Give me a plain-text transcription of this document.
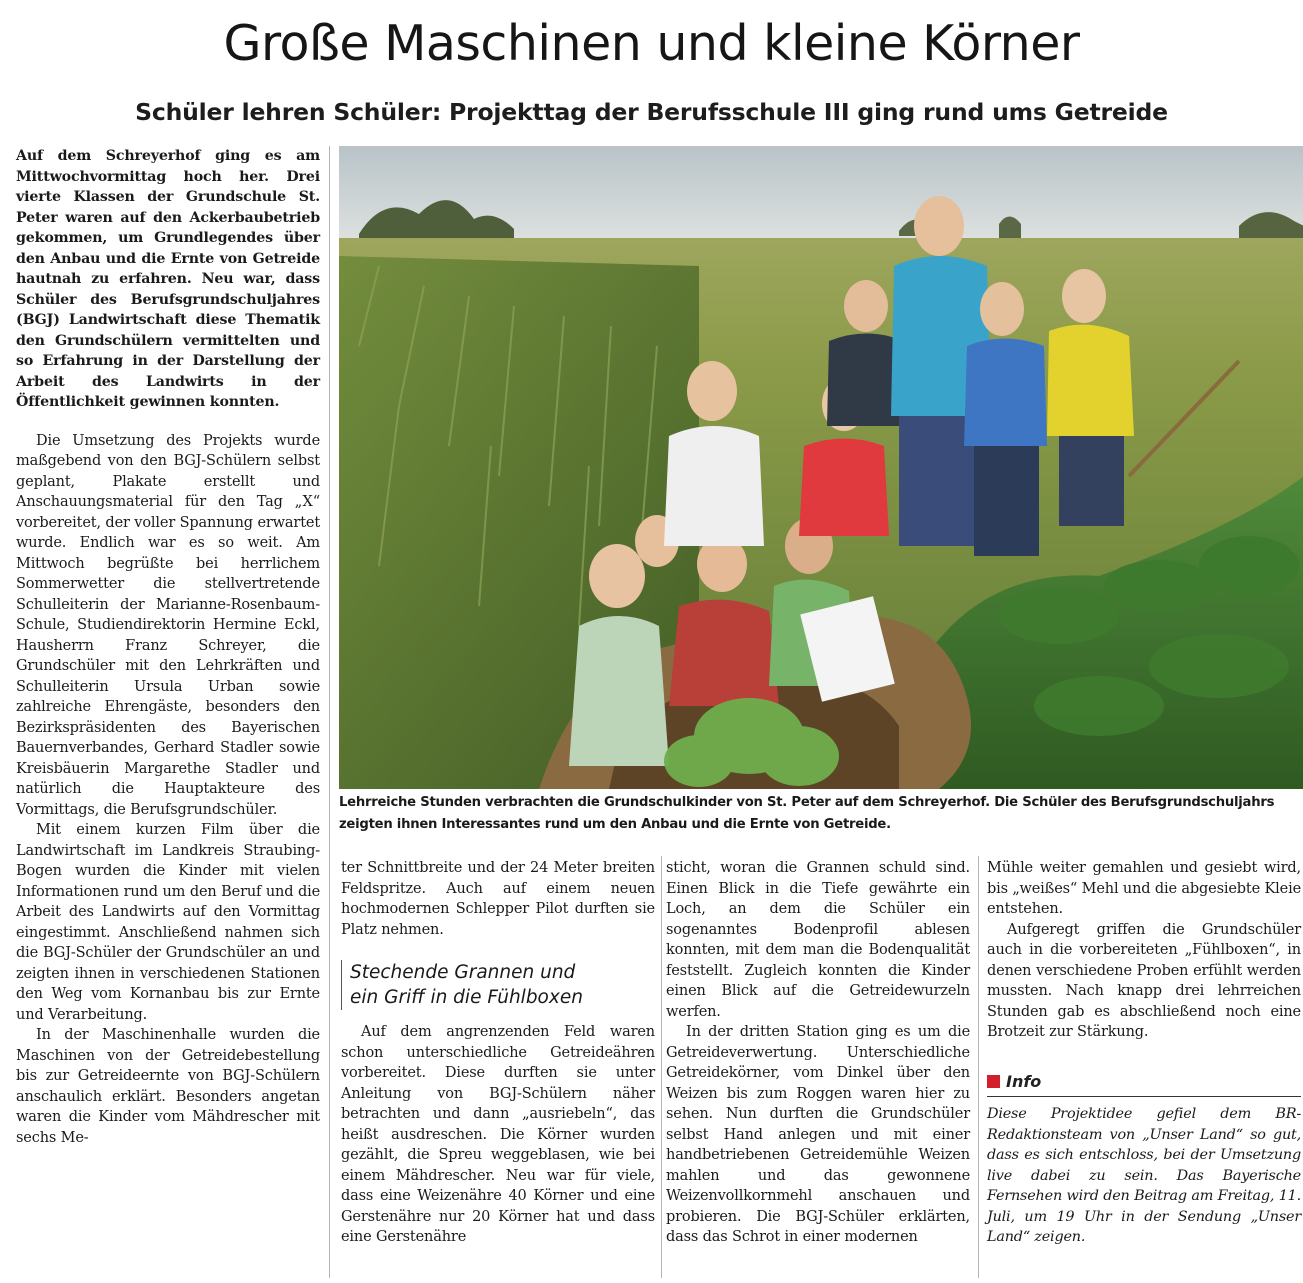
Große Maschinen und kleine Körner
Schüler lehren Schüler: Projekttag der Berufsschule III ging rund ums Getreide

Auf dem Schreyerhof ging es am Mittwochvormittag hoch her. Drei vierte Klassen der Grundschule St. Peter waren auf den Ackerbaubetrieb gekommen, um Grundlegendes über den Anbau und die Ernte von Getreide hautnah zu erfahren. Neu war, dass Schüler des Berufsgrundschuljahres (BGJ) Landwirtschaft diese Thematik den Grundschülern vermittelten und so Erfahrung in der Darstellung der Arbeit des Landwirts in der Öffentlichkeit gewinnen konnten.

Die Umsetzung des Projekts wurde maßgebend von den BGJ-Schülern selbst geplant, Plakate erstellt und Anschauungsmaterial für den Tag „X“ vorbereitet, der voller Spannung erwartet wurde. Endlich war es so weit. Am Mittwoch begrüßte bei herrlichem Sommerwetter die stellvertretende Schulleiterin der Marianne-Rosenbaum-Schule, Studiendirektorin Hermine Eckl, Hausherrn Franz Schreyer, die Grundschüler mit den Lehrkräften und Schulleiterin Ursula Urban sowie zahlreiche Ehrengäste, besonders den Bezirkspräsidenten des Bayerischen Bauernverbandes, Gerhard Stadler sowie Kreisbäuerin Margarethe Stadler und natürlich die Hauptakteure des Vormittags, die Berufsgrundschüler.

Mit einem kurzen Film über die Landwirtschaft im Landkreis Straubing-Bogen wurden die Kinder mit vielen Informationen rund um den Beruf und die Arbeit des Landwirts auf den Vormittag eingestimmt. Anschließend nahmen sich die BGJ-Schüler der Grundschüler an und zeigten ihnen in verschiedenen Stationen den Weg vom Kornanbau bis zur Ernte und Verarbeitung.

In der Maschinenhalle wurden die Maschinen von der Getreidebestellung bis zur Getreideernte von BGJ-Schülern anschaulich erklärt. Besonders angetan waren die Kinder vom Mähdrescher mit sechs Me-

Lehrreiche Stunden verbrachten die Grundschulkinder von St. Peter auf dem Schreyerhof. Die Schüler des Berufsgrundschuljahrs zeigten ihnen Interessantes rund um den Anbau und die Ernte von Getreide.

ter Schnittbreite und der 24 Meter breiten Feldspritze. Auch auf einem neuen hochmodernen Schlepper Pilot durften sie Platz nehmen.

Stechende Grannen und
ein Griff in die Fühlboxen

Auf dem angrenzenden Feld waren schon unterschiedliche Getreideähren vorbereitet. Diese durften sie unter Anleitung von BGJ-Schülern näher betrachten und dann „ausriebeln“, das heißt ausdreschen. Die Körner wurden gezählt, die Spreu weggeblasen, wie bei einem Mähdrescher. Neu war für viele, dass eine Weizenähre 40 Körner und eine Gerstenähre nur 20 Körner hat und dass eine Gerstenähre

sticht, woran die Grannen schuld sind. Einen Blick in die Tiefe gewährte ein Loch, an dem die Schüler ein sogenanntes Bodenprofil ablesen konnten, mit dem man die Bodenqualität feststellt. Zugleich konnten die Kinder einen Blick auf die Getreidewurzeln werfen.

In der dritten Station ging es um die Getreideverwertung. Unterschiedliche Getreidekörner, vom Dinkel über den Weizen bis zum Roggen waren hier zu sehen. Nun durften die Grundschüler selbst Hand anlegen und mit einer handbetriebenen Getreidemühle Weizen mahlen und das gewonnene Weizenvollkornmehl anschauen und probieren. Die BGJ-Schüler erklärten, dass das Schrot in einer modernen

Mühle weiter gemahlen und gesiebt wird, bis „weißes“ Mehl und die abgesiebte Kleie entstehen.

Aufgeregt griffen die Grundschüler auch in die vorbereiteten „Fühlboxen“, in denen verschiedene Proben erfühlt werden mussten. Nach knapp drei lehrreichen Stunden gab es abschließend noch eine Brotzeit zur Stärkung.

Info

Diese Projektidee gefiel dem BR-Redaktionsteam von „Unser Land“ so gut, dass es sich entschloss, bei der Umsetzung live dabei zu sein. Das Bayerische Fernsehen wird den Beitrag am Freitag, 11. Juli, um 19 Uhr in der Sendung „Unser Land“ zeigen.
